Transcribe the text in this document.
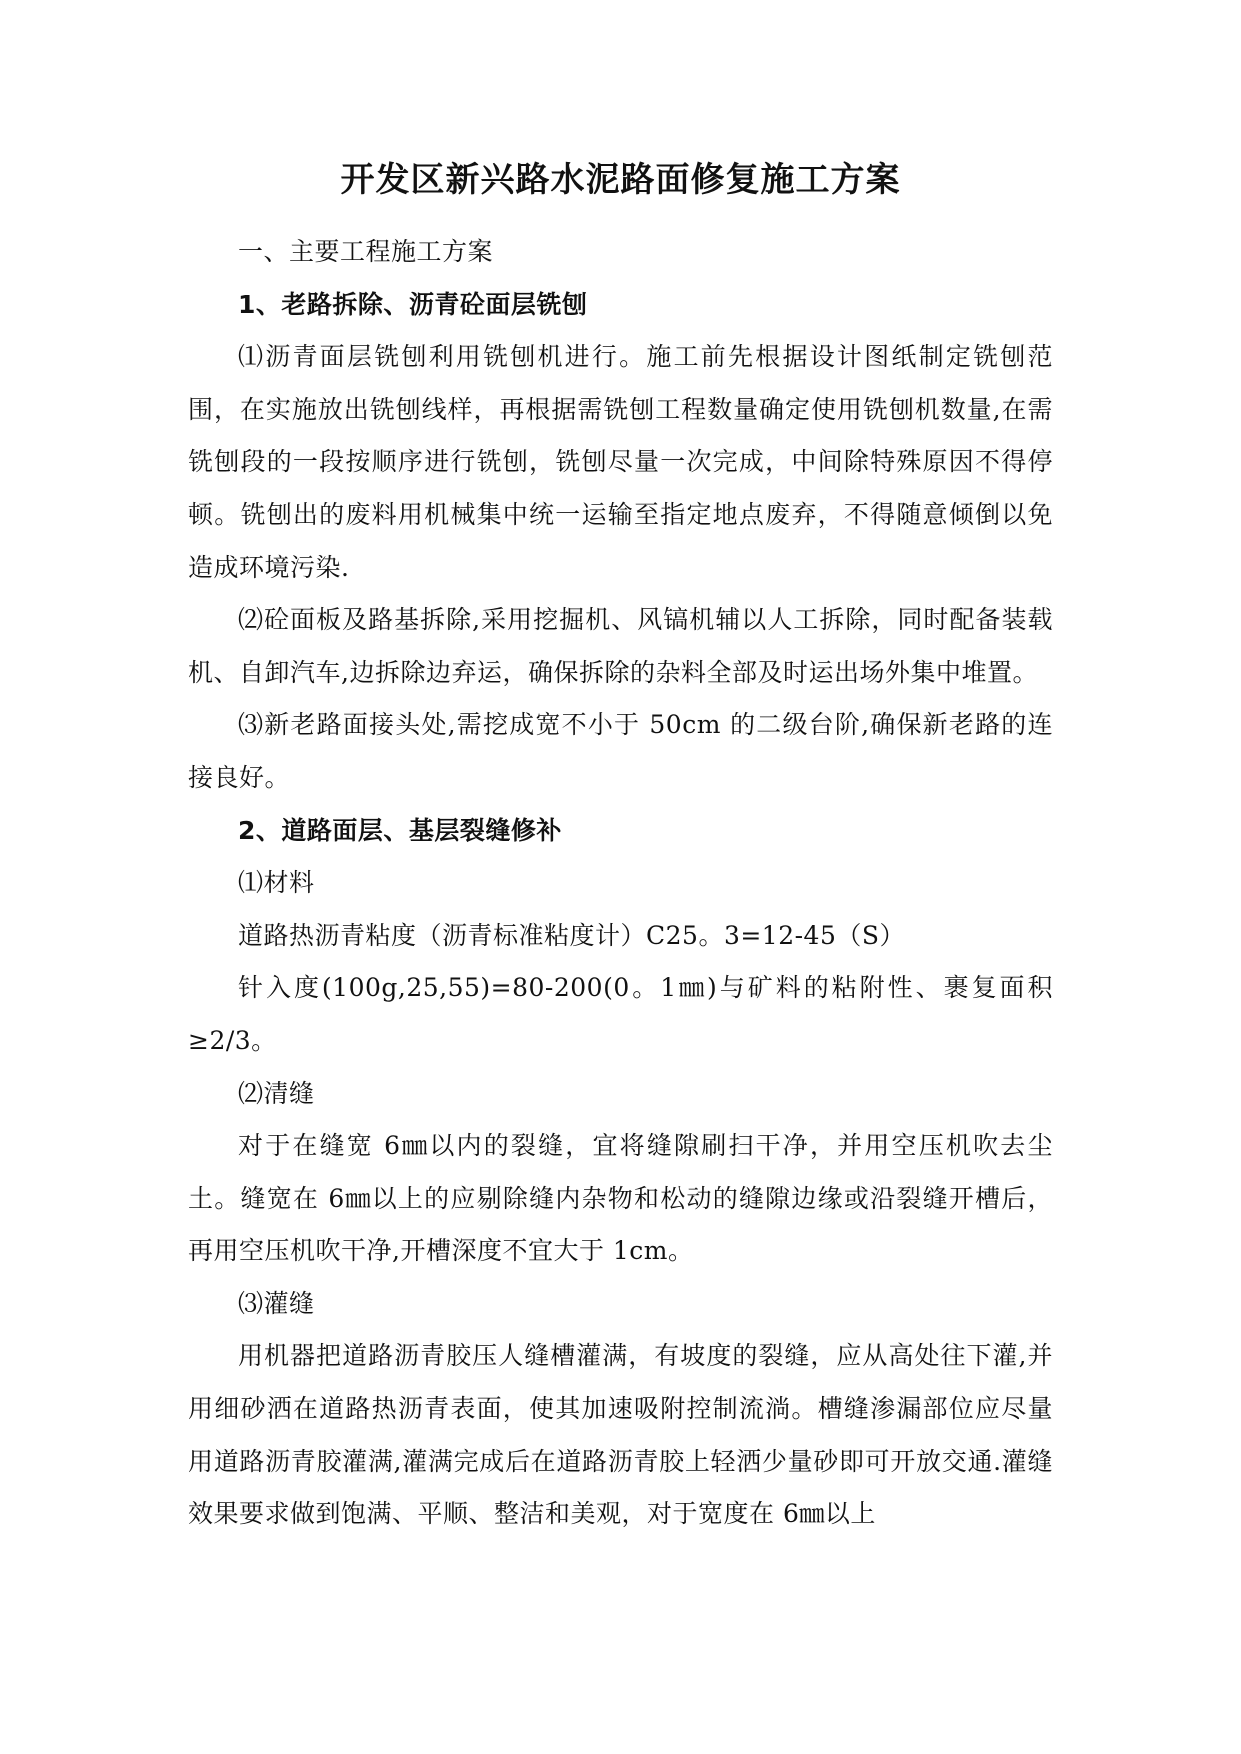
开发区新兴路水泥路面修复施工方案

一、主要工程施工方案

1、老路拆除、沥青砼面层铣刨

⑴沥青面层铣刨利用铣刨机进行。施工前先根据设计图纸制定铣刨范围，在实施放出铣刨线样，再根据需铣刨工程数量确定使用铣刨机数量,在需铣刨段的一段按顺序进行铣刨，铣刨尽量一次完成，中间除特殊原因不得停顿。铣刨出的废料用机械集中统一运输至指定地点废弃，不得随意倾倒以免造成环境污染.

⑵砼面板及路基拆除,采用挖掘机、风镐机辅以人工拆除，同时配备装载机、自卸汽车,边拆除边弃运，确保拆除的杂料全部及时运出场外集中堆置。

⑶新老路面接头处,需挖成宽不小于 50cm 的二级台阶,确保新老路的连接良好。

2、道路面层、基层裂缝修补

⑴材料

道路热沥青粘度（沥青标准粘度计）C25。3=12-45（S）

针入度(100g,25,55)=80-200(0。1㎜)与矿料的粘附性、裹复面积≥2/3。

⑵清缝

对于在缝宽 6㎜以内的裂缝，宜将缝隙刷扫干净，并用空压机吹去尘土。缝宽在 6㎜以上的应剔除缝内杂物和松动的缝隙边缘或沿裂缝开槽后，再用空压机吹干净,开槽深度不宜大于 1cm。

⑶灌缝

用机器把道路沥青胶压人缝槽灌满，有坡度的裂缝，应从高处往下灌,并用细砂洒在道路热沥青表面，使其加速吸附控制流淌。槽缝渗漏部位应尽量用道路沥青胶灌满,灌满完成后在道路沥青胶上轻洒少量砂即可开放交通.灌缝效果要求做到饱满、平顺、整洁和美观，对于宽度在 6㎜以上
